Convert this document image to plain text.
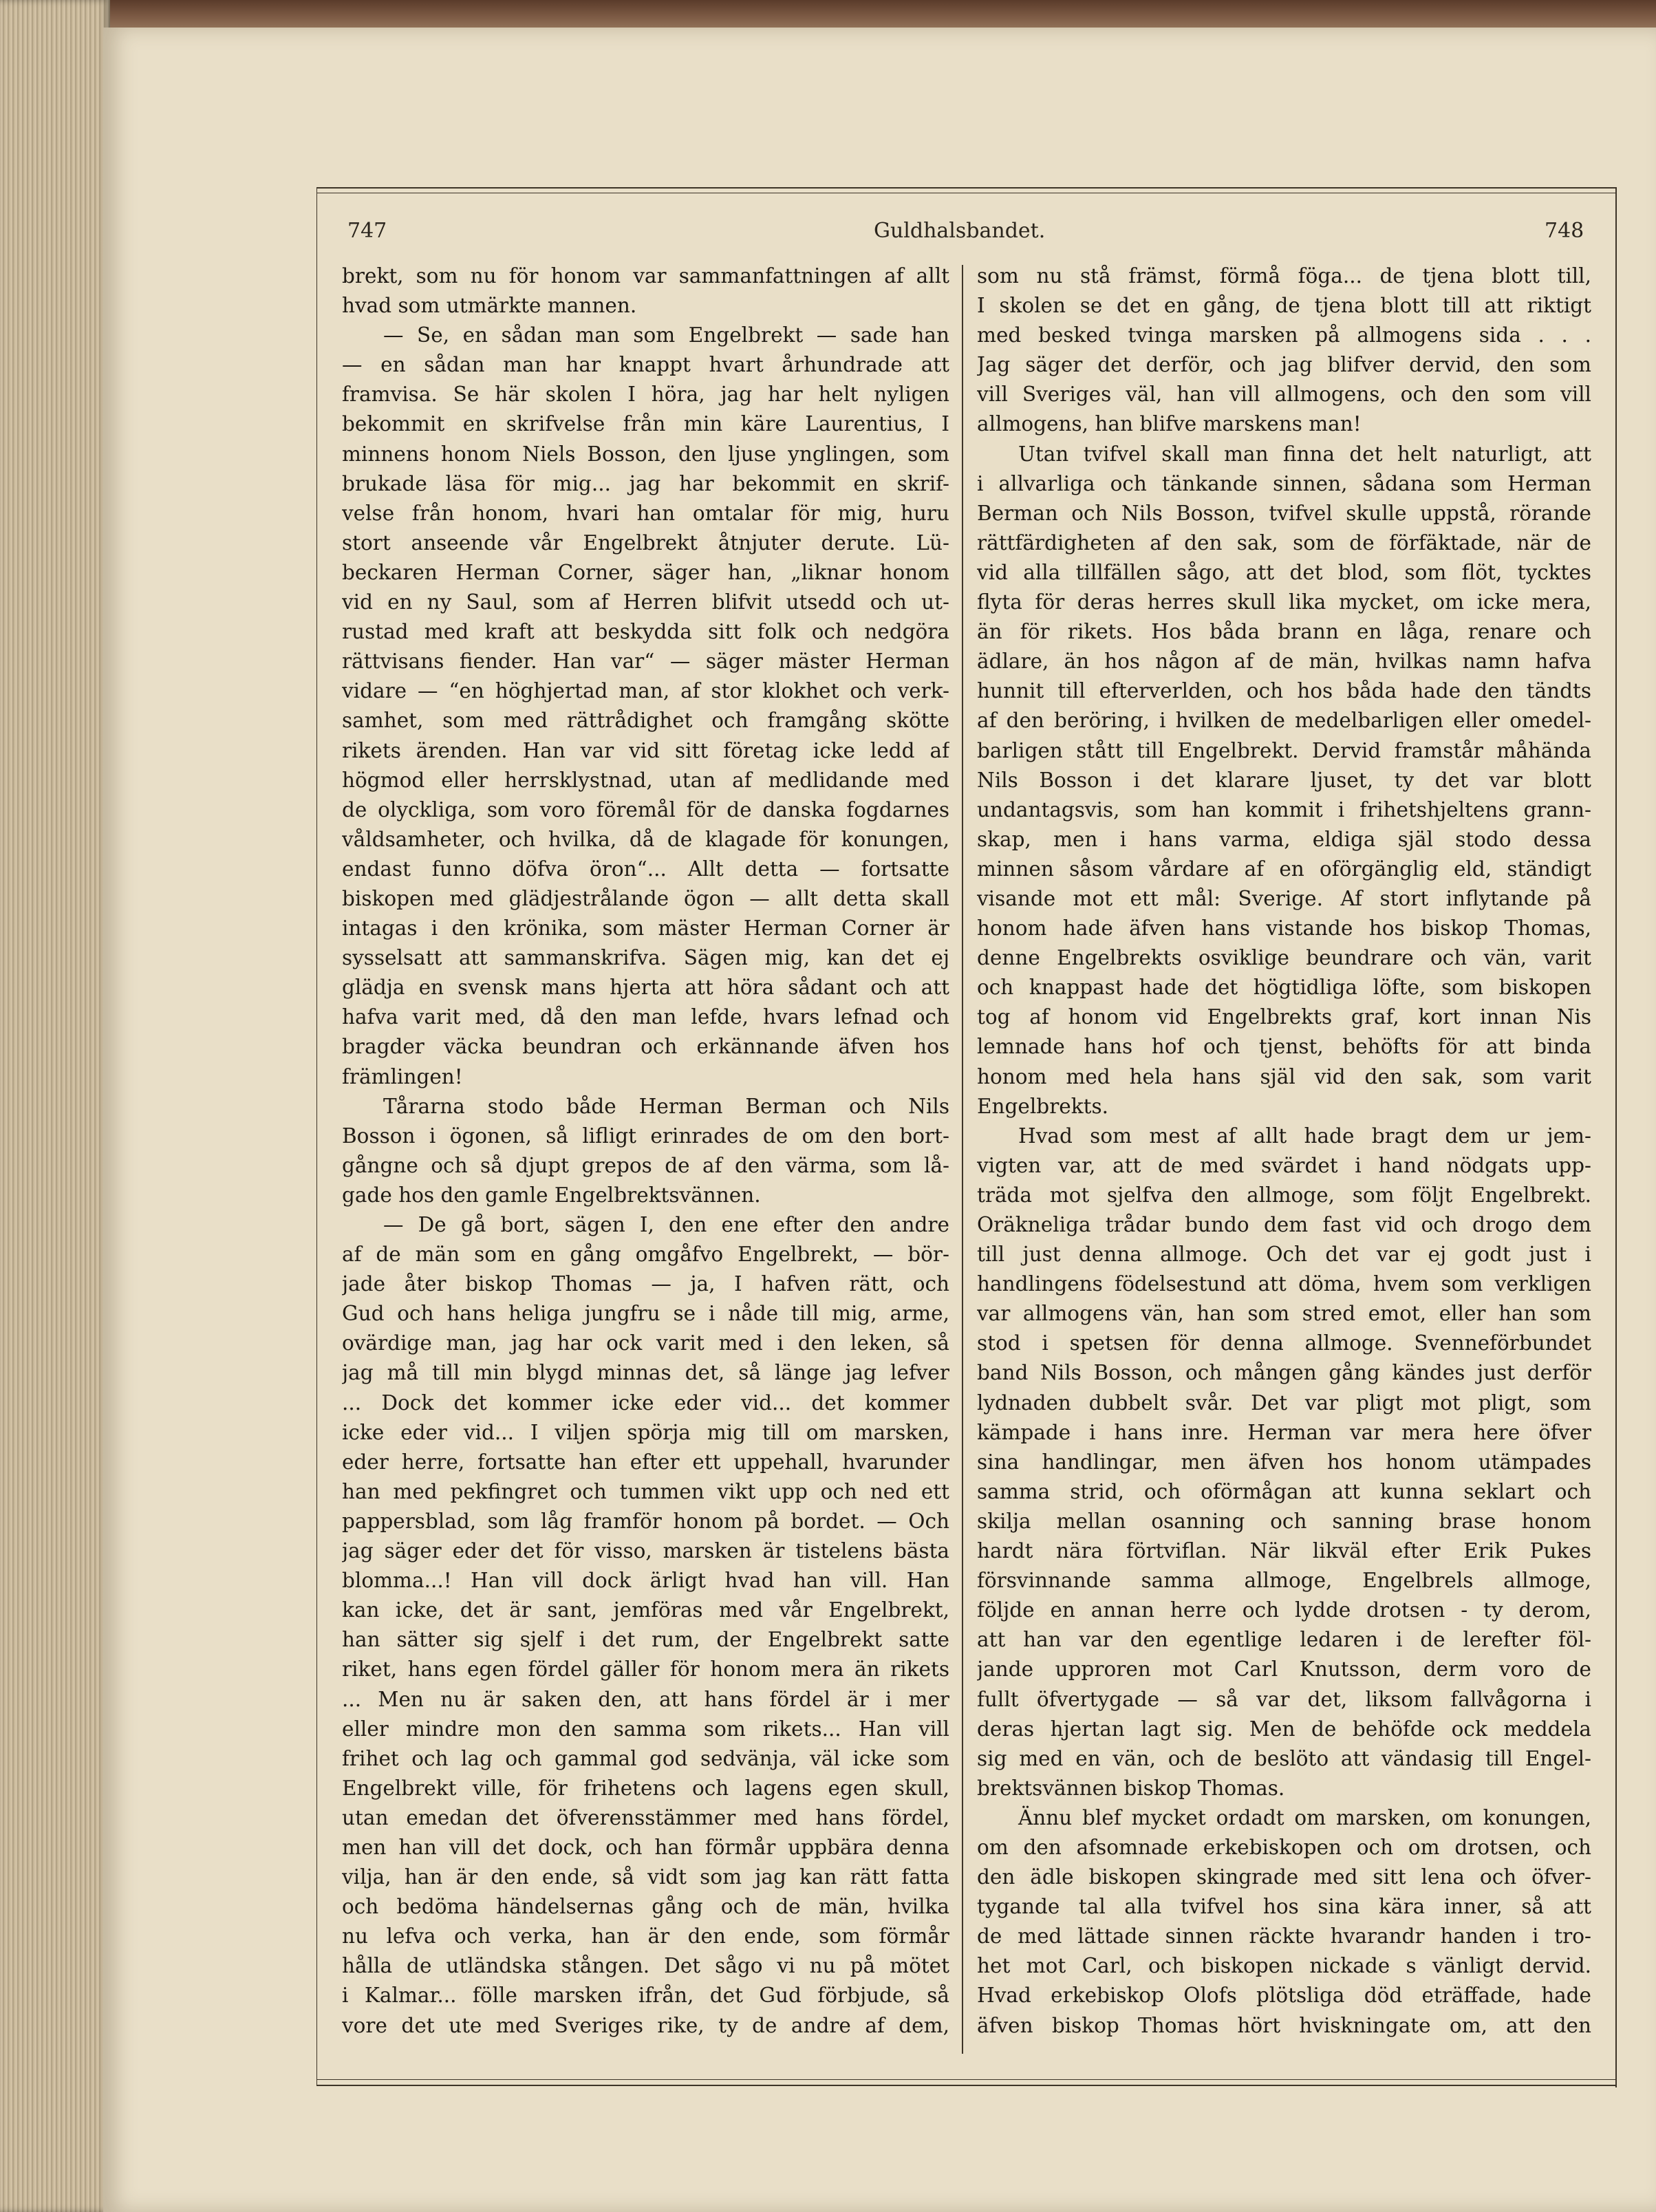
747	Guldhalsbandet.	748
brekt, som nu för honom var sammanfattningen af allt
hvad som utmärkte mannen.
— Se, en sådan man som Engelbrekt — sade han
— en sådan man har knappt hvart århundrade att
framvisa. Se här skolen I höra, jag har helt nyligen
bekommit en skrifvelse från min käre Laurentius, I
minnens honom Niels Bosson, den ljuse ynglingen, som
brukade läsa för mig... jag har bekommit en skrif-
velse från honom, hvari han omtalar för mig, huru
stort anseende vår Engelbrekt åtnjuter derute. Lü-
beckaren Herman Corner, säger han, „liknar honom
vid en ny Saul, som af Herren blifvit utsedd och ut-
rustad med kraft att beskydda sitt folk och nedgöra
rättvisans fiender. Han var“ — säger mäster Herman
vidare — “en höghjertad man, af stor klokhet och verk-
samhet, som med rättrådighet och framgång skötte
rikets ärenden. Han var vid sitt företag icke ledd af
högmod eller herrsklystnad, utan af medlidande med
de olyckliga, som voro föremål för de danska fogdarnes
våldsamheter, och hvilka, då de klagade för konungen,
endast funno döfva öron“... Allt detta — fortsatte
biskopen med glädjestrålande ögon — allt detta skall
intagas i den krönika, som mäster Herman Corner är
sysselsatt att sammanskrifva. Sägen mig, kan det ej
glädja en svensk mans hjerta att höra sådant och att
hafva varit med, då den man lefde, hvars lefnad och
bragder väcka beundran och erkännande äfven hos
främlingen!
Tårarna stodo både Herman Berman och Nils
Bosson i ögonen, så lifligt erinrades de om den bort-
gångne och så djupt grepos de af den värma, som lå-
gade hos den gamle Engelbrektsvännen.
— De gå bort, sägen I, den ene efter den andre
af de män som en gång omgåfvo Engelbrekt, — bör-
jade åter biskop Thomas — ja, I hafven rätt, och
Gud och hans heliga jungfru se i nåde till mig, arme,
ovärdige man, jag har ock varit med i den leken, så
jag må till min blygd minnas det, så länge jag lefver
... Dock det kommer icke eder vid... det kommer
icke eder vid... I viljen spörja mig till om marsken,
eder herre, fortsatte han efter ett uppehall, hvarunder
han med pekfingret och tummen vikt upp och ned ett
pappersblad, som låg framför honom på bordet. — Och
jag säger eder det för visso, marsken är tistelens bästa
blomma...! Han vill dock ärligt hvad han vill. Han
kan icke, det är sant, jemföras med vår Engelbrekt,
han sätter sig sjelf i det rum, der Engelbrekt satte
riket, hans egen fördel gäller för honom mera än rikets
... Men nu är saken den, att hans fördel är i mer
eller mindre mon den samma som rikets... Han vill
frihet och lag och gammal god sedvänja, väl icke som
Engelbrekt ville, för frihetens och lagens egen skull,
utan emedan det öfverensstämmer med hans fördel,
men han vill det dock, och han förmår uppbära denna
vilja, han är den ende, så vidt som jag kan rätt fatta
och bedöma händelsernas gång och de män, hvilka
nu lefva och verka, han är den ende, som förmår
hålla de utländska stången. Det sågo vi nu på mötet
i Kalmar... fölle marsken ifrån, det Gud förbjude, så
vore det ute med Sveriges rike, ty de andre af dem,
som nu stå främst, förmå föga... de tjena blott till,
I skolen se det en gång, de tjena blott till att riktigt
med besked tvinga marsken på allmogens sida . . .
Jag säger det derför, och jag blifver dervid, den som
vill Sveriges väl, han vill allmogens, och den som vill
allmogens, han blifve marskens man!
Utan tvifvel skall man finna det helt naturligt, att
i allvarliga och tänkande sinnen, sådana som Herman
Berman och Nils Bosson, tvifvel skulle uppstå, rörande
rättfärdigheten af den sak, som de förfäktade, när de
vid alla tillfällen sågo, att det blod, som flöt, tycktes
flyta för deras herres skull lika mycket, om icke mera,
än för rikets. Hos båda brann en låga, renare och
ädlare, än hos någon af de män, hvilkas namn hafva
hunnit till efterverlden, och hos båda hade den tändts
af den beröring, i hvilken de medelbarligen eller omedel-
barligen stått till Engelbrekt. Dervid framstår måhända
Nils Bosson i det klarare ljuset, ty det var blott
undantagsvis, som han kommit i frihetshjeltens grann-
skap, men i hans varma, eldiga själ stodo dessa
minnen såsom vårdare af en oförgänglig eld, ständigt
visande mot ett mål: Sverige. Af stort inflytande på
honom hade äfven hans vistande hos biskop Thomas,
denne Engelbrekts osviklige beundrare och vän, varit
och knappast hade det högtidliga löfte, som biskopen
tog af honom vid Engelbrekts graf, kort innan Nis
lemnade hans hof och tjenst, behöfts för att binda
honom med hela hans själ vid den sak, som varit
Engelbrekts.
Hvad som mest af allt hade bragt dem ur jem-
vigten var, att de med svärdet i hand nödgats upp-
träda mot sjelfva den allmoge, som följt Engelbrekt.
Oräkneliga trådar bundo dem fast vid och drogo dem
till just denna allmoge. Och det var ej godt just i
handlingens födelsestund att döma, hvem som verkligen
var allmogens vän, han som stred emot, eller han som
stod i spetsen för denna allmoge. Svenneförbundet
band Nils Bosson, och mången gång kändes just derför
lydnaden dubbelt svår. Det var pligt mot pligt, som
kämpade i hans inre. Herman var mera here öfver
sina handlingar, men äfven hos honom utämpades
samma strid, och oförmågan att kunna seklart och
skilja mellan osanning och sanning brase honom
hardt nära förtviflan. När likväl efter Erik Pukes
försvinnande samma allmoge, Engelbrels allmoge,
följde en annan herre och lydde drotsen - ty derom,
att han var den egentlige ledaren i de lerefter föl-
jande upproren mot Carl Knutsson, derm voro de
fullt öfvertygade — så var det, liksom fallvågorna i
deras hjertan lagt sig. Men de behöfde ock meddela
sig med en vän, och de beslöto att vändasig till Engel-
brektsvännen biskop Thomas.
Ännu blef mycket ordadt om marsken, om konungen,
om den afsomnade erkebiskopen och om drotsen, och
den ädle biskopen skingrade med sitt lena och öfver-
tygande tal alla tvifvel hos sina kära inner, så att
de med lättade sinnen räckte hvarandr handen i tro-
het mot Carl, och biskopen nickade s vänligt dervid.
Hvad erkebiskop Olofs plötsliga död eträffade, hade
äfven biskop Thomas hört hviskningate om, att den
